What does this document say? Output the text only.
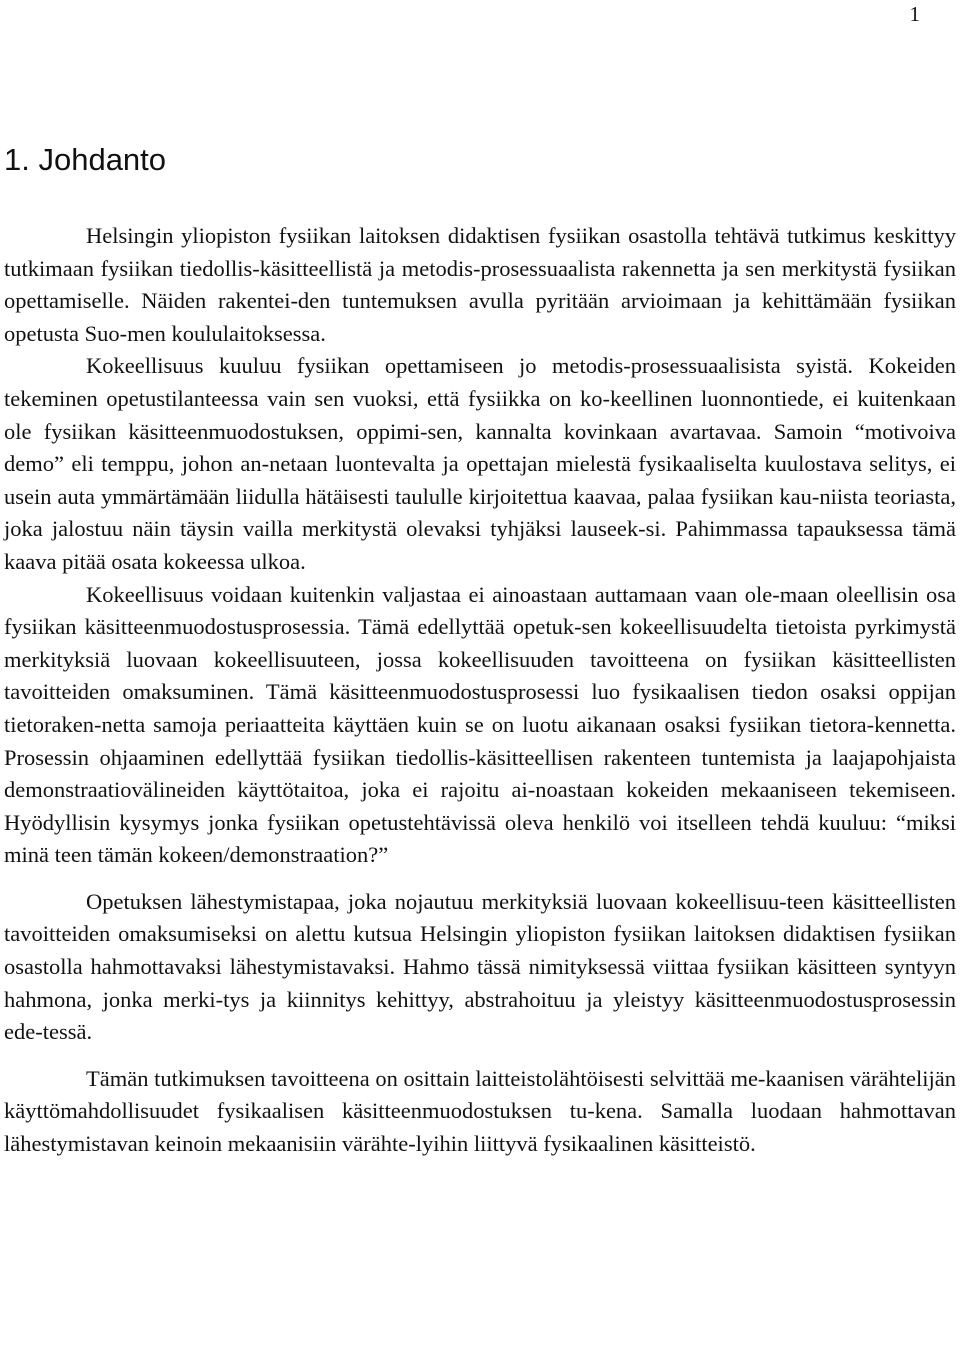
1
1. Johdanto

Helsingin yliopiston fysiikan laitoksen didaktisen fysiikan osastolla tehtävä tutkimus keskittyy tutkimaan fysiikan tiedollis-käsitteellistä ja metodis-prosessuaalista rakennetta ja sen merkitystä fysiikan opettamiselle. Näiden rakentei-den tuntemuksen avulla pyritään arvioimaan ja kehittämään fysiikan opetusta Suo-men koululaitoksessa.

Kokeellisuus kuuluu fysiikan opettamiseen jo metodis-prosessuaalisista syistä. Kokeiden tekeminen opetustilanteessa vain sen vuoksi, että fysiikka on ko-keellinen luonnontiede, ei kuitenkaan ole fysiikan käsitteenmuodostuksen, oppimi-sen, kannalta kovinkaan avartavaa. Samoin “motivoiva demo” eli temppu, johon an-netaan luontevalta ja opettajan mielestä fysikaaliselta kuulostava selitys, ei usein auta ymmärtämään liidulla hätäisesti taululle kirjoitettua kaavaa, palaa fysiikan kau-niista teoriasta, joka jalostuu näin täysin vailla merkitystä olevaksi tyhjäksi lauseek-si. Pahimmassa tapauksessa tämä kaava pitää osata kokeessa ulkoa.

Kokeellisuus voidaan kuitenkin valjastaa ei ainoastaan auttamaan vaan ole-maan oleellisin osa fysiikan käsitteenmuodostusprosessia. Tämä edellyttää opetuk-sen kokeellisuudelta tietoista pyrkimystä merkityksiä luovaan kokeellisuuteen, jossa kokeellisuuden tavoitteena on fysiikan käsitteellisten tavoitteiden omaksuminen. Tämä käsitteenmuodostusprosessi luo fysikaalisen tiedon osaksi oppijan tietoraken-netta samoja periaatteita käyttäen kuin se on luotu aikanaan osaksi fysiikan tietora-kennetta. Prosessin ohjaaminen edellyttää fysiikan tiedollis-käsitteellisen rakenteen tuntemista ja laajapohjaista demonstraatiovälineiden käyttötaitoa, joka ei rajoitu ai-noastaan kokeiden mekaaniseen tekemiseen. Hyödyllisin kysymys jonka fysiikan opetustehtävissä oleva henkilö voi itselleen tehdä kuuluu: “miksi minä teen tämän kokeen/demonstraation?”

Opetuksen lähestymistapaa, joka nojautuu merkityksiä luovaan kokeellisuu-teen käsitteellisten tavoitteiden omaksumiseksi on alettu kutsua Helsingin yliopiston fysiikan laitoksen didaktisen fysiikan osastolla hahmottavaksi lähestymistavaksi. Hahmo tässä nimityksessä viittaa fysiikan käsitteen syntyyn hahmona, jonka merki-tys ja kiinnitys kehittyy, abstrahoituu ja yleistyy käsitteenmuodostusprosessin ede-tessä.

Tämän tutkimuksen tavoitteena on osittain laitteistolähtöisesti selvittää me-kaanisen värähtelijän käyttömahdollisuudet fysikaalisen käsitteenmuodostuksen tu-kena. Samalla luodaan hahmottavan lähestymistavan keinoin mekaanisiin värähte-lyihin liittyvä fysikaalinen käsitteistö.
